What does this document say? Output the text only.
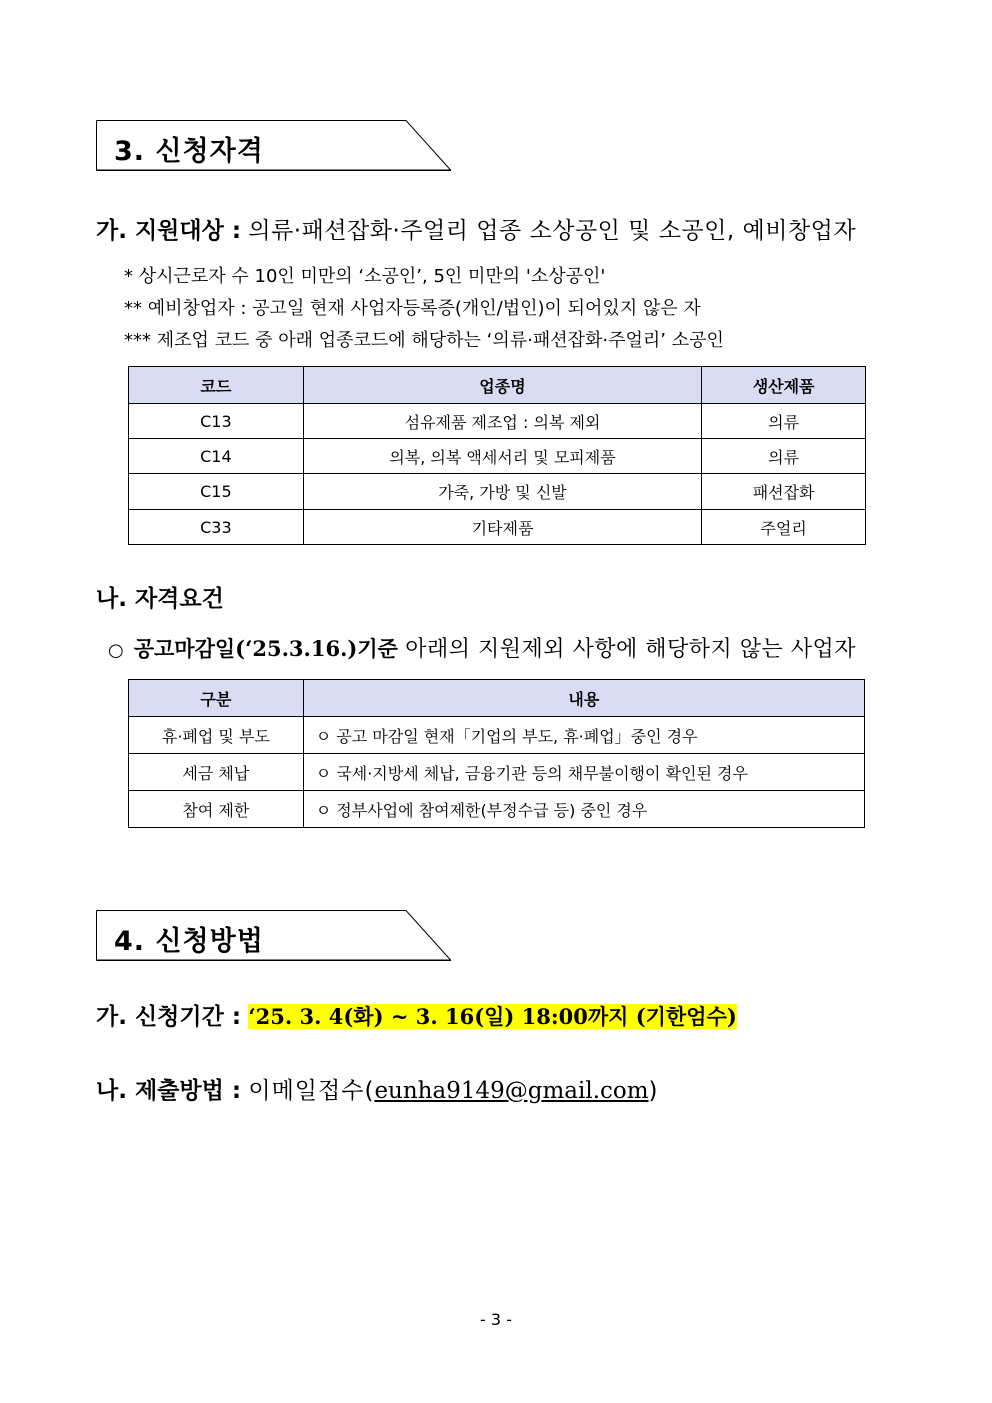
3. 신청자격
가. 지원대상 : 의류·패션잡화·주얼리 업종 소상공인 및 소공인, 예비창업자
* 상시근로자 수 10인 미만의 ‘소공인’, 5인 미만의 '소상공인'
** 예비창업자 : 공고일 현재 사업자등록증(개인/법인)이 되어있지 않은 자
*** 제조업 코드 중 아래 업종코드에 해당하는 ‘의류·패션잡화·주얼리’ 소공인
코드	업종명	생산제품
C13	섬유제품 제조업 : 의복 제외	의류
C14	의복, 의복 액세서리 및 모피제품	의류
C15	가죽, 가방 및 신발	패션잡화
C33	기타제품	주얼리
나. 자격요건
○ 공고마감일(‘25.3.16.)기준 아래의 지원제외 사항에 해당하지 않는 사업자
구분	내용
휴·폐업 및 부도	ㅇ 공고 마감일 현재「기업의 부도, 휴·폐업」중인 경우
세금 체납	ㅇ 국세·지방세 체납, 금융기관 등의 채무불이행이 확인된 경우
참여 제한	ㅇ 정부사업에 참여제한(부정수급 등) 중인 경우
4. 신청방법
가. 신청기간 : ‘25. 3. 4(화) ~ 3. 16(일) 18:00까지 (기한엄수)
나. 제출방법 : 이메일접수(eunha9149@gmail.com)
- 3 -
